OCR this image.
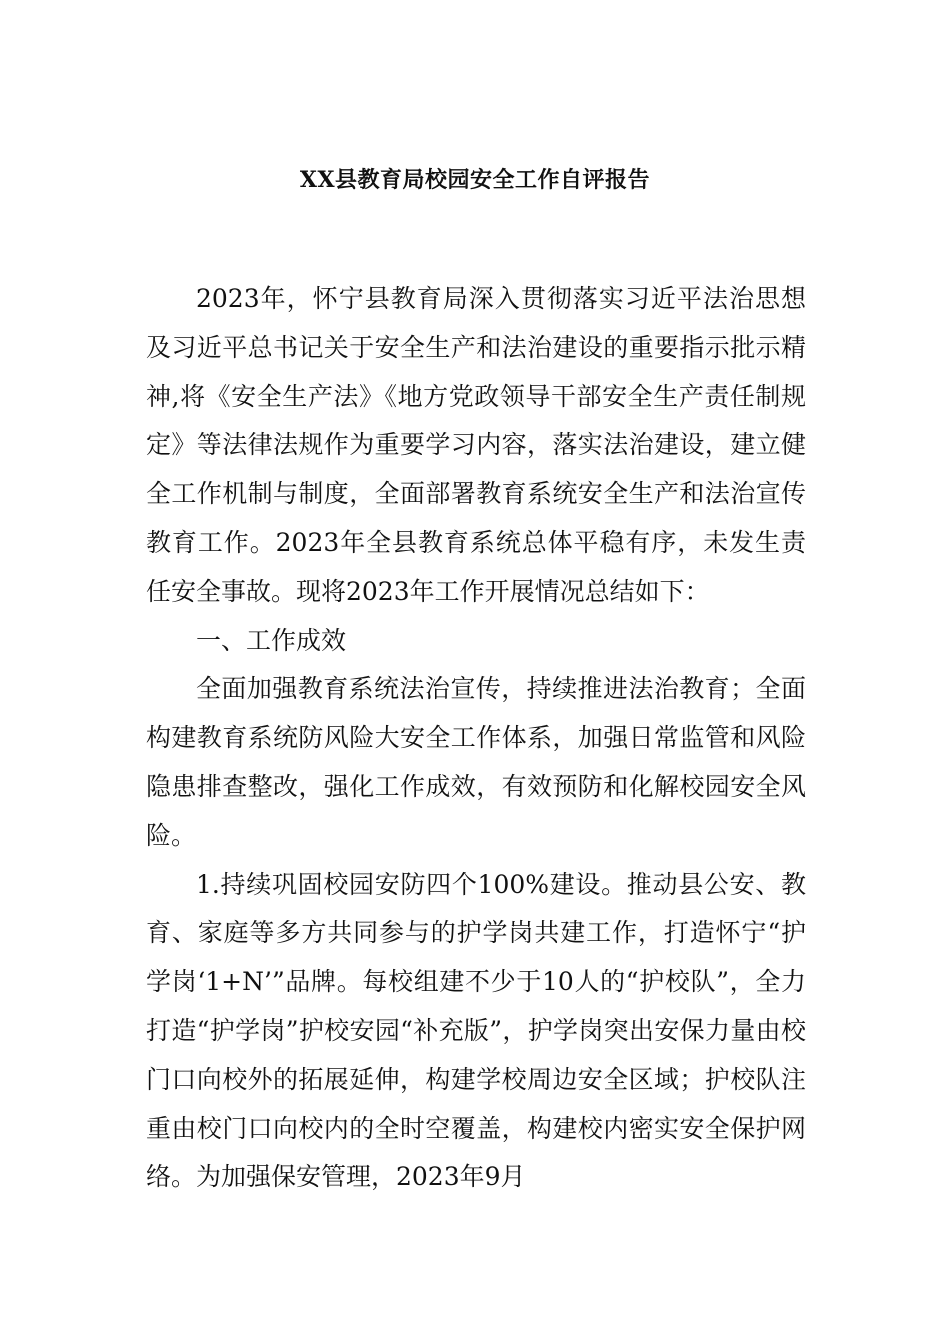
XX县教育局校园安全工作自评报告

2023年，怀宁县教育局深入贯彻落实习近平法治思想及习近平总书记关于安全生产和法治建设的重要指示批示精神,将《安全生产法》《地方党政领导干部安全生产责任制规定》等法律法规作为重要学习内容，落实法治建设，建立健全工作机制与制度，全面部署教育系统安全生产和法治宣传教育工作。2023年全县教育系统总体平稳有序，未发生责任安全事故。现将2023年工作开展情况总结如下：

一、工作成效

全面加强教育系统法治宣传，持续推进法治教育；全面构建教育系统防风险大安全工作体系，加强日常监管和风险隐患排查整改，强化工作成效，有效预防和化解校园安全风险。

1.持续巩固校园安防四个100%建设。推动县公安、教育、家庭等多方共同参与的护学岗共建工作，打造怀宁“护学岗‘1+N’”品牌。每校组建不少于10人的“护校队”，全力打造“护学岗”护校安园“补充版”，护学岗突出安保力量由校门口向校外的拓展延伸，构建学校周边安全区域；护校队注重由校门口向校内的全时空覆盖，构建校内密实安全保护网络。为加强保安管理，2023年9月
